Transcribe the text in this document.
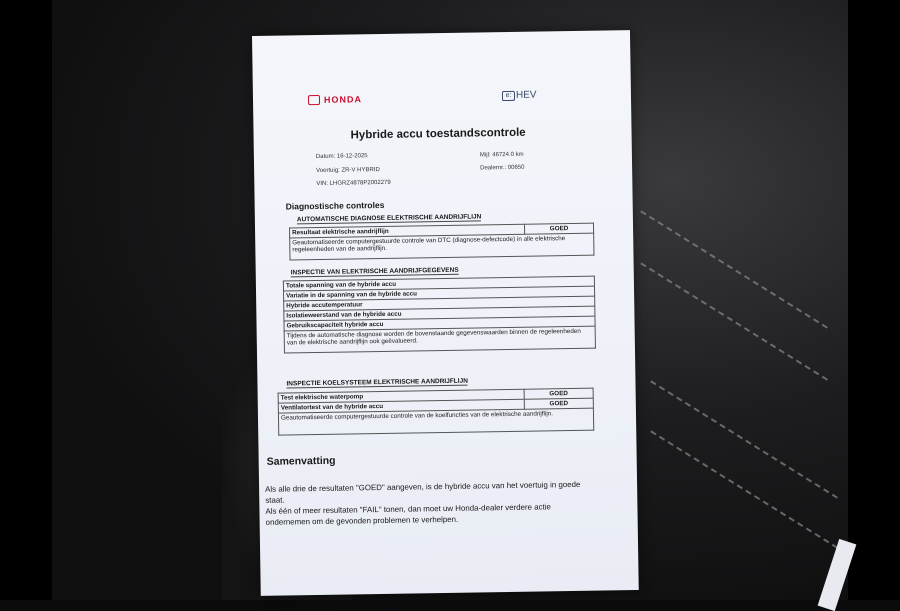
HONDA	e: HEV
Hybride accu toestandscontrole
Datum: 16-12-2025
Voertuig: ZR-V HYBRID
VIN: LHGRZ4878P2002279
Mijl: 46724.0 km
Dealernr.: 00650
Diagnostische controles
AUTOMATISCHE DIAGNOSE ELEKTRISCHE AANDRIJFLIJN
Resultaat elektrische aandrijflijn	GOED
Geautomatiseerde computergestuurde controle van DTC (diagnose-defectcode) in alle elektrische regeleenheden van de aandrijflijn.
INSPECTIE VAN ELEKTRISCHE AANDRIJFGEGEVENS
Totale spanning van de hybride accu
Variatie in de spanning van de hybride accu
Hybride accutemperatuur
Isolatieweerstand van de hybride accu
Gebruikscapaciteit hybride accu
Tijdens de automatische diagnose worden de bovenstaande gegevenswaarden binnen de regeleenheden van de elektrische aandrijflijn ook geëvalueerd.
INSPECTIE KOELSYSTEEM ELEKTRISCHE AANDRIJFLIJN
Test elektrische waterpomp	GOED
Ventilatortest van de hybride accu	GOED
Geautomatiseerde computergestuurde controle van de koelfuncties van de elektrische aandrijflijn.	
Samenvatting

Als alle drie de resultaten "GOED" aangeven, is de hybride accu van het voertuig in goede staat.

Als één of meer resultaten "FAIL" tonen, dan moet uw Honda-dealer verdere actie ondernemen om de gevonden problemen te verhelpen.
